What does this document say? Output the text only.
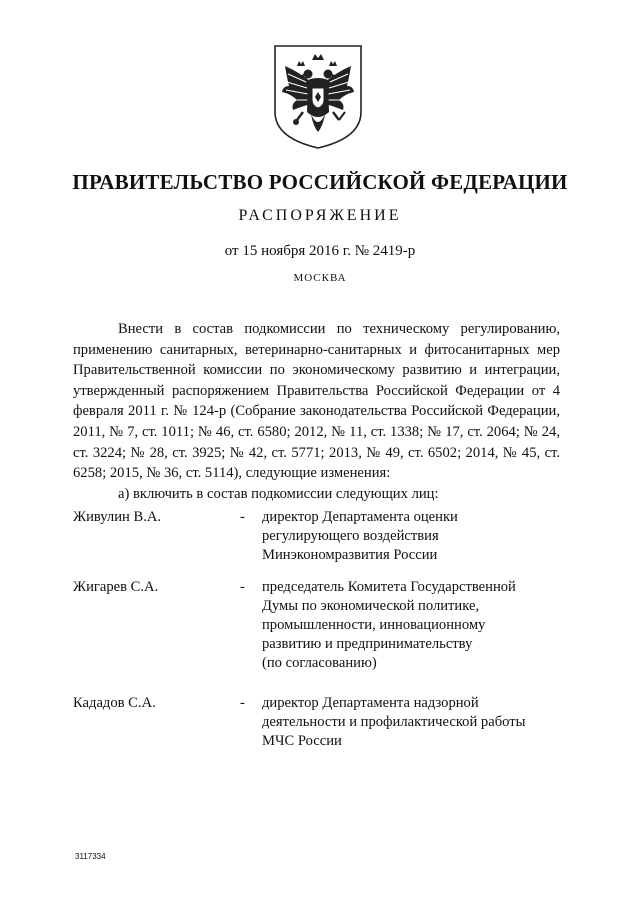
ПРАВИТЕЛЬСТВО РОССИЙСКОЙ ФЕДЕРАЦИИ
РАСПОРЯЖЕНИЕ
от 15 ноября 2016 г. № 2419-р
МОСКВА

Внести в состав подкомиссии по техническому регулированию, применению санитарных, ветеринарно-санитарных и фитосанитарных мер Правительственной комиссии по экономическому развитию и интеграции, утвержденный распоряжением Правительства Российской Федерации от 4 февраля 2011 г. № 124-р (Собрание законодательства Российской Федерации, 2011, № 7, ст. 1011; № 46, ст. 6580; 2012, № 11, ст. 1338; № 17, ст. 2064; № 24, ст. 3224; № 28, ст. 3925; № 42, ст. 5771; 2013, № 49, ст. 6502; 2014, № 45, ст. 6258; 2015, № 36, ст. 5114), следующие изменения:

а) включить в состав подкомиссии следующих лиц:

Живулин В.А.	- директор Департамента оценки
регулирующего воздействия
Минэкономразвития России
Жигарев С.А.	- председатель Комитета Государственной
Думы по экономической политике,
промышленности, инновационному
развитию и предпринимательству
(по согласованию)
Кададов С.А.	- директор Департамента надзорной
деятельности и профилактической работы
МЧС России
3117334
